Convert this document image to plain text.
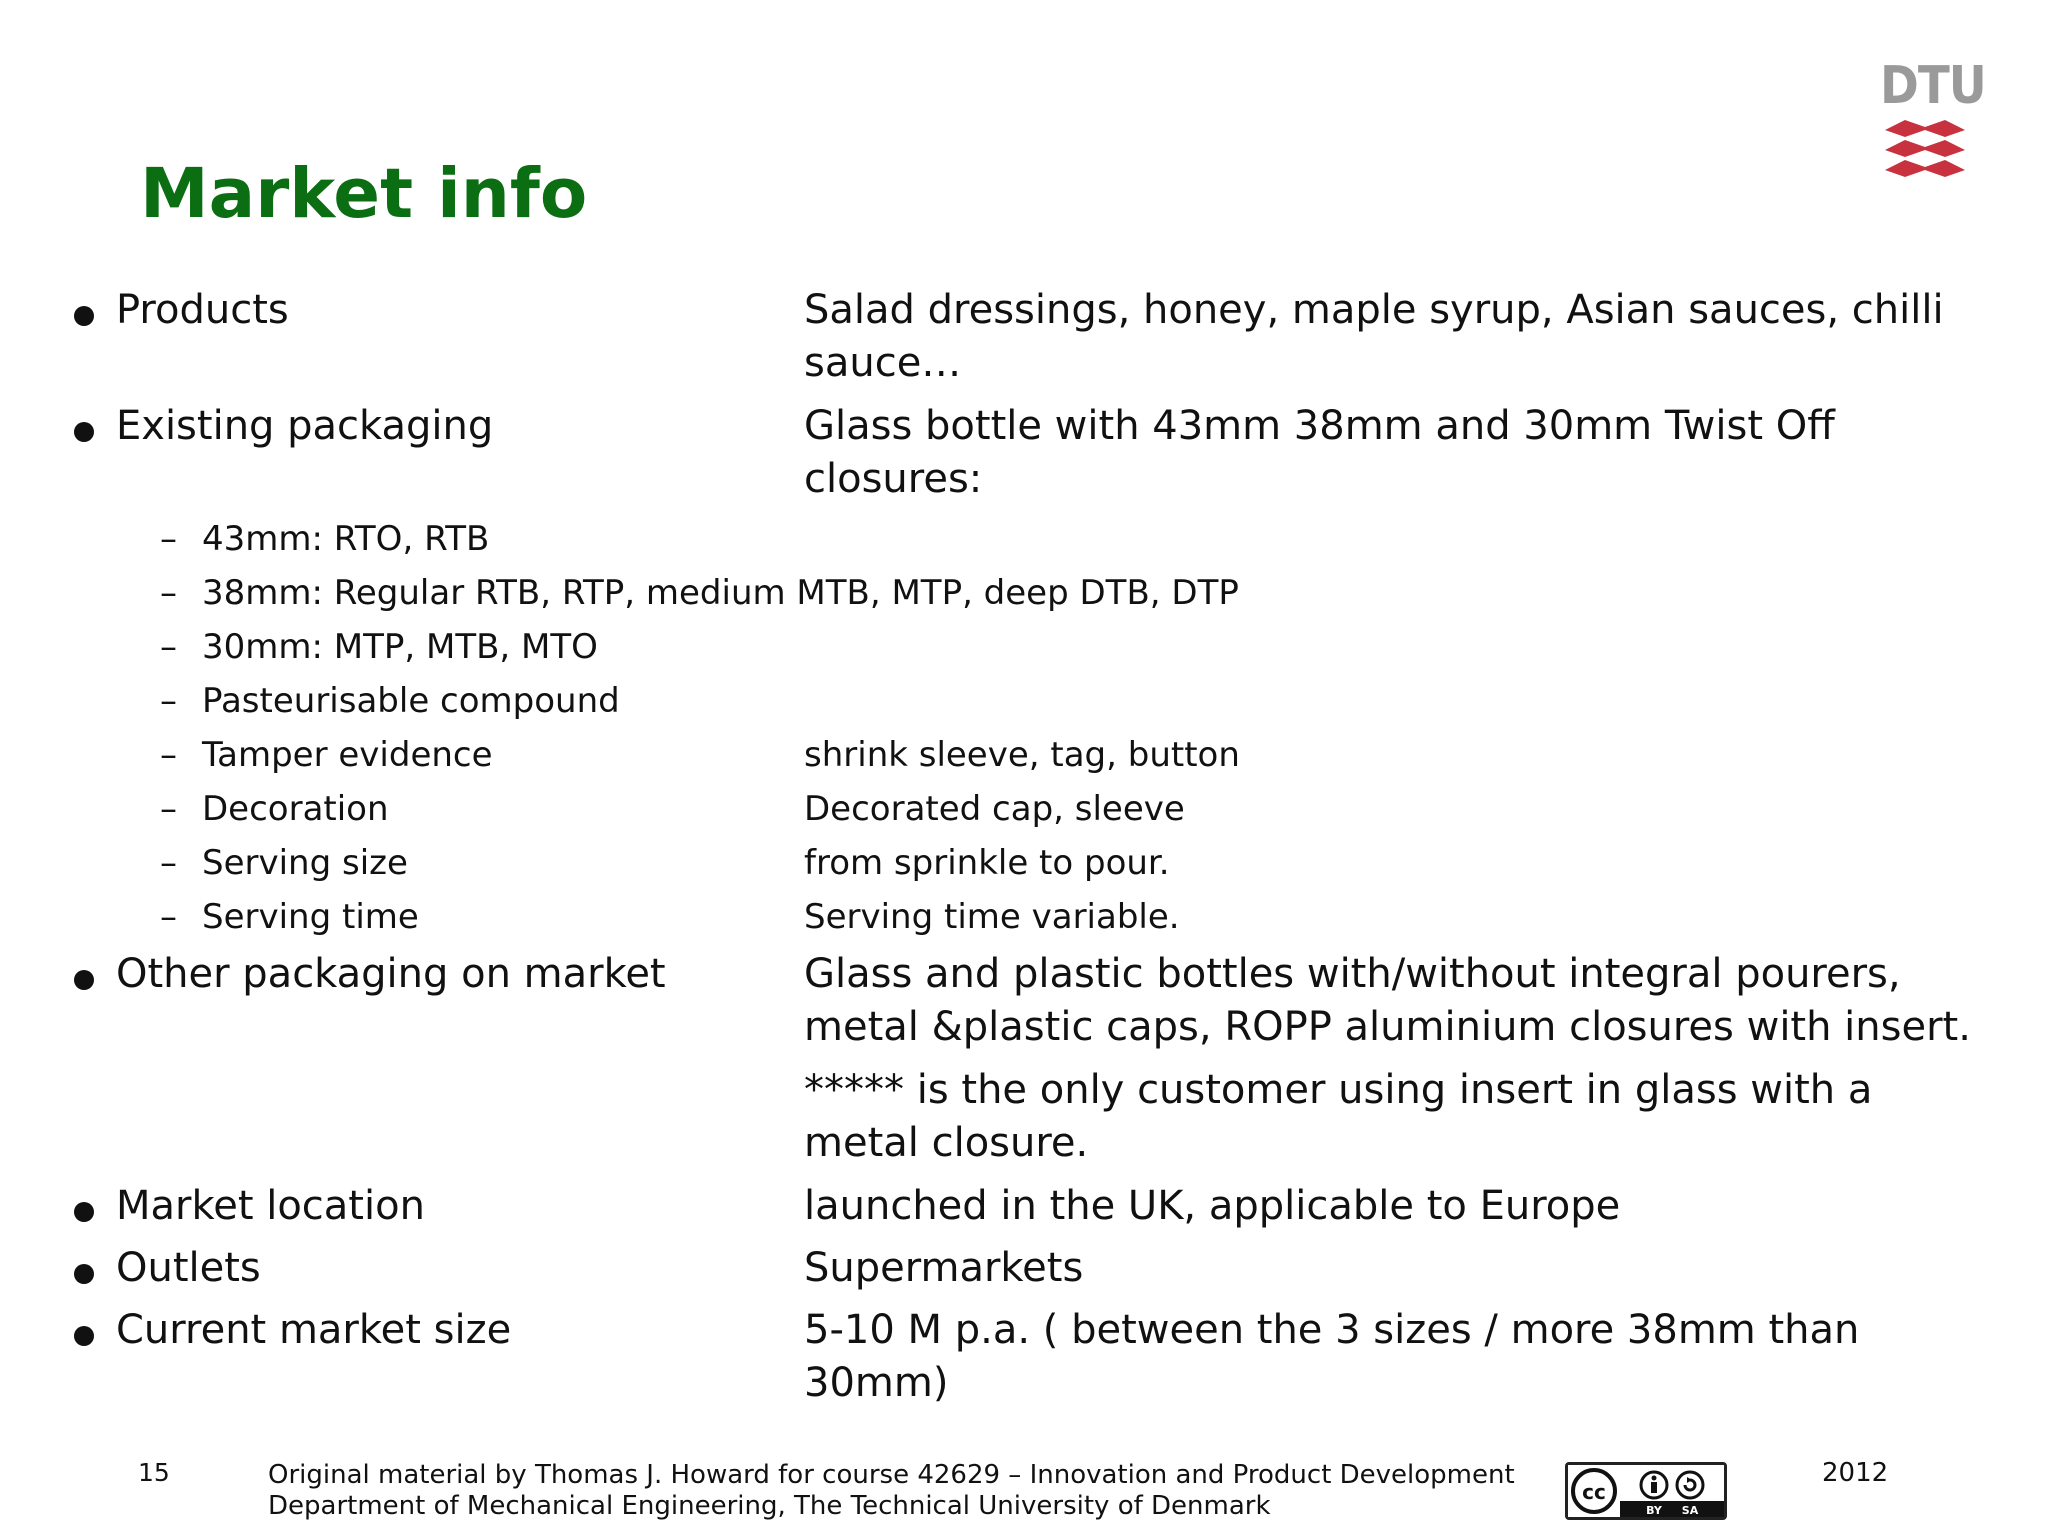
DTU
Market info
Products	Salad dressings, honey, maple syrup, Asian sauces, chilli sauce…
Existing packaging	Glass bottle with 43mm 38mm and 30mm Twist Off closures:
– 43mm: RTO, RTB
– 38mm: Regular RTB, RTP, medium MTB, MTP, deep DTB, DTP
– 30mm: MTP, MTB, MTO
– Pasteurisable compound
– Tamper evidence	shrink sleeve, tag, button
– Decoration	Decorated cap, sleeve
– Serving size	from sprinkle to pour.
– Serving time	Serving time variable.
Other packaging on market	Glass and plastic bottles with/without integral pourers, metal &plastic caps, ROPP aluminium closures with insert.
***** is the only customer using insert in glass with a metal closure.
Market location	launched in the UK, applicable to Europe
Outlets	Supermarkets
Current market size	5-10 M p.a. ( between the 3 sizes / more 38mm than 30mm)
15	Original material by Thomas J. Howard for course 42629 – Innovation and Product Development
Department of Mechanical Engineering, The Technical University of Denmark	cc
BY SA
2012
